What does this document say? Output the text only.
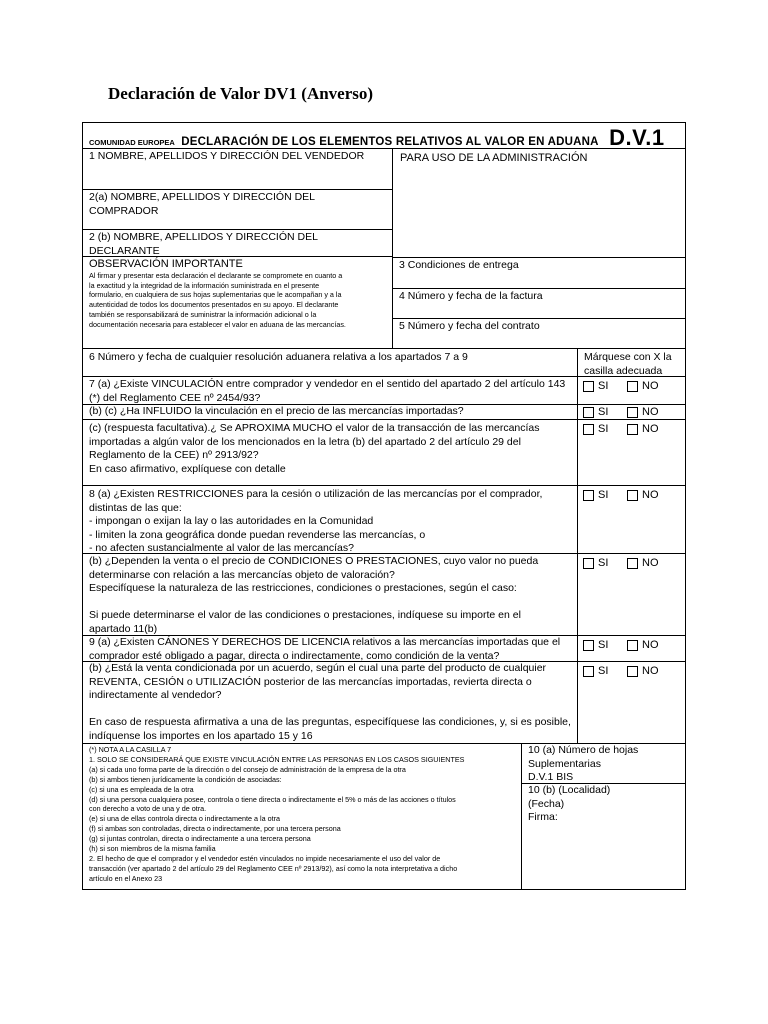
Declaración de Valor DV1 (Anverso)
COMUNIDAD EUROPEA DECLARACIÓN DE LOS ELEMENTOS RELATIVOS AL VALOR EN ADUANA D.V.1
1 NOMBRE, APELLIDOS Y DIRECCIÓN DEL VENDEDOR	PARA USO DE LA ADMINISTRACIÓN
2(a) NOMBRE, APELLIDOS Y DIRECCIÓN DEL COMPRADOR
2 (b) NOMBRE, APELLIDOS Y DIRECCIÓN DEL DECLARANTE
OBSERVACIÓN IMPORTANTE
Al firmar y presentar esta declaración el declarante se compromete en cuanto a
la exactitud y la integridad de la información suministrada en el presente
formulario, en cualquiera de sus hojas suplementarias que le acompañan y a la
autenticidad de todos los documentos presentados en su apoyo. El declarante
también se responsabilizará de suministrar la información adicional o la
documentación necesaria para establecer el valor en aduana de las mercancías.
3 Condiciones de entrega
4 Número y fecha de la factura
5 Número y fecha del contrato
6 Número y fecha de cualquier resolución aduanera relativa a los apartados 7 a 9	Márquese con X la
casilla adecuada
7 (a) ¿Existe VINCULACIÓN entre comprador y vendedor en el sentido del apartado 2 del artículo 143
(*) del Reglamento CEE nº 2454/93?
SI	NO
(b) (c) ¿Ha INFLUIDO la vinculación en el precio de las mercancías importadas?	SI	NO
(c) (respuesta facultativa).¿ Se APROXIMA MUCHO el valor de la transacción de las mercancías
importadas a algún valor de los mencionados en la letra (b) del apartado 2 del artículo 29 del
Reglamento de la CEE) nº 2913/92?
En caso afirmativo, explíquese con detalle
SI	NO
8 (a) ¿Existen RESTRICCIONES para la cesión o utilización de las mercancías por el comprador,
distintas de las que:
- impongan o exijan la lay o las autoridades en la Comunidad
- limiten la zona geográfica donde puedan revenderse las mercancías, o
- no afecten sustancialmente al valor de las mercancías?
SI	NO
(b) ¿Dependen la venta o el precio de CONDICIONES O PRESTACIONES, cuyo valor no pueda
determinarse con relación a las mercancías objeto de valoración?
Especifíquese la naturaleza de las restricciones, condiciones o prestaciones, según el caso:
Si puede determinarse el valor de las condiciones o prestaciones, indíquese su importe en el
apartado 11(b)
SI	NO
9 (a) ¿Existen CÁNONES Y DERECHOS DE LICENCIA relativos a las mercancías importadas que el
comprador esté obligado a pagar, directa o indirectamente, como condición de la venta?
SI	NO
(b) ¿Está la venta condicionada por un acuerdo, según el cual una parte del producto de cualquier
REVENTA, CESIÓN o UTILIZACIÓN posterior de las mercancías importadas, revierta directa o
indirectamente al vendedor?
En caso de respuesta afirmativa a una de las preguntas, especifíquese las condiciones, y, si es posible,
indíquense los importes en los apartado 15 y 16
SI	NO
(*) NOTA A LA CASILLA 7
1. SOLO SE CONSIDERARÁ QUE EXISTE VINCULACIÓN ENTRE LAS PERSONAS EN LOS CASOS SIGUIENTES
(a) si cada uno forma parte de la dirección o del consejo de administración de la empresa de la otra
(b) si ambos tienen jurídicamente la condición de asociadas:
(c) si una es empleada de la otra
(d) si una persona cualquiera posee, controla o tiene directa o indirectamente el 5% o más de las acciones o títulos
con derecho a voto de una y de otra.
(e) si una de ellas controla directa o indirectamente a la otra
(f) si ambas son controladas, directa o indirectamente, por una tercera persona
(g) si juntas controlan, directa o indirectamente a una tercera persona
(h) si son miembros de la misma familia
2. El hecho de que el comprador y el vendedor estén vinculados no impide necesariamente el uso del valor de
transacción (ver apartado 2 del artículo 29 del Reglamento CEE nº 2913/92), así como la nota interpretativa a dicho
artículo en el Anexo 23
10 (a) Número de hojas
Suplementarias
D.V.1 BIS
10 (b) (Localidad)
(Fecha)
Firma:
